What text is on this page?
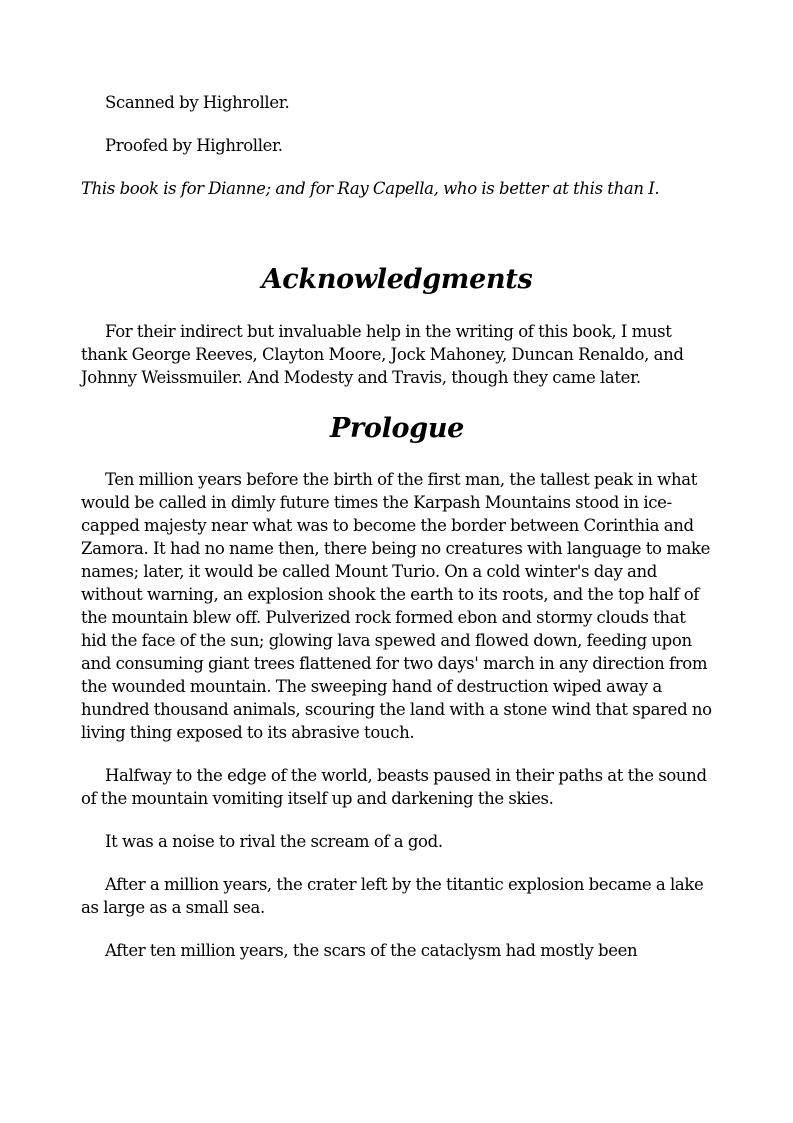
Scanned by Highroller.

Proofed by Highroller.

This book is for Dianne; and for Ray Capella, who is better at this than I.

Acknowledgments

For their indirect but invaluable help in the writing of this book, I must thank George Reeves, Clayton Moore, Jock Mahoney, Duncan Renaldo, and Johnny Weissmuiler. And Modesty and Travis, though they came later.

Prologue

Ten million years before the birth of the first man, the tallest peak in what would be called in dimly future times the Karpash Mountains stood in ice-capped majesty near what was to become the border between Corinthia and Zamora. It had no name then, there being no creatures with language to make names; later, it would be called Mount Turio. On a cold winter's day and without warning, an explosion shook the earth to its roots, and the top half of the mountain blew off. Pulverized rock formed ebon and stormy clouds that hid the face of the sun; glowing lava spewed and flowed down, feeding upon and consuming giant trees flattened for two days' march in any direction from the wounded mountain. The sweeping hand of destruction wiped away a hundred thousand animals, scouring the land with a stone wind that spared no living thing exposed to its abrasive touch.

Halfway to the edge of the world, beasts paused in their paths at the sound of the mountain vomiting itself up and darkening the skies.

It was a noise to rival the scream of a god.

After a million years, the crater left by the titantic explosion became a lake as large as a small sea.

After ten million years, the scars of the cataclysm had mostly been
